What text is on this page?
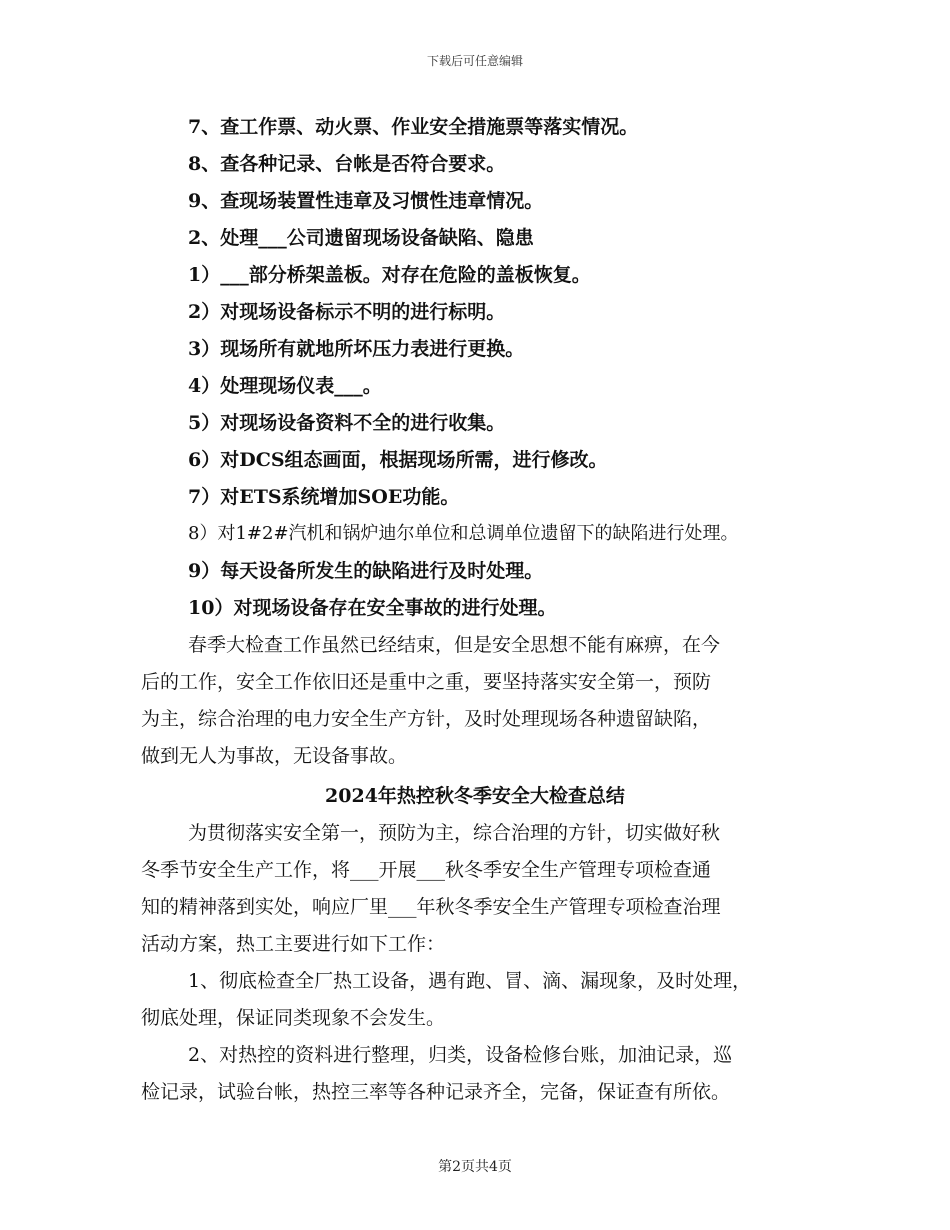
下载后可任意编辑
7、查工作票、动火票、作业安全措施票等落实情况。
8、查各种记录、台帐是否符合要求。
9、查现场装置性违章及习惯性违章情况。
2、处理___公司遗留现场设备缺陷、隐患
1）___部分桥架盖板。对存在危险的盖板恢复。
2）对现场设备标示不明的进行标明。
3）现场所有就地所坏压力表进行更换。
4）处理现场仪表___。
5）对现场设备资料不全的进行收集。
6）对DCS组态画面，根据现场所需，进行修改。
7）对ETS系统增加SOE功能。
8）对1#2#汽机和锅炉迪尔单位和总调单位遗留下的缺陷进行处理。
9）每天设备所发生的缺陷进行及时处理。
10）对现场设备存在安全事故的进行处理。
春季大检查工作虽然已经结束，但是安全思想不能有麻痹，在今
后的工作，安全工作依旧还是重中之重，要坚持落实安全第一，预防
为主，综合治理的电力安全生产方针，及时处理现场各种遗留缺陷，
做到无人为事故，无设备事故。
2024年热控秋冬季安全大检查总结
为贯彻落实安全第一，预防为主，综合治理的方针，切实做好秋
冬季节安全生产工作，将___开展___秋冬季安全生产管理专项检查通
知的精神落到实处，响应厂里___年秋冬季安全生产管理专项检查治理
活动方案，热工主要进行如下工作：
1、彻底检查全厂热工设备，遇有跑、冒、滴、漏现象，及时处理，
彻底处理，保证同类现象不会发生。
2、对热控的资料进行整理，归类，设备检修台账，加油记录，巡
检记录，试验台帐，热控三率等各种记录齐全，完备，保证查有所依。
第2页共4页
